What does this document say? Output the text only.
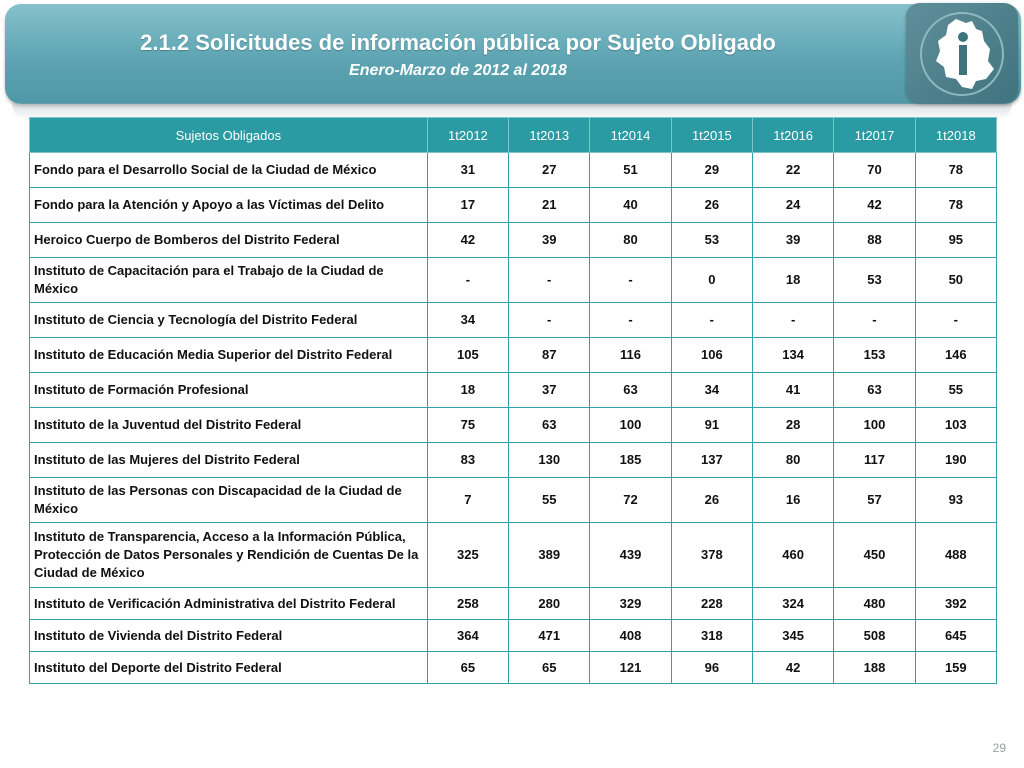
2.1.2 Solicitudes de información pública por Sujeto Obligado
Enero-Marzo de 2012 al 2018
Sujetos Obligados	1t2012	1t2013	1t2014	1t2015	1t2016	1t2017	1t2018
Fondo para el Desarrollo Social de la Ciudad de México	31	27	51	29	22	70	78
Fondo para la Atención y Apoyo a las Víctimas del Delito	17	21	40	26	24	42	78
Heroico Cuerpo de Bomberos del Distrito Federal	42	39	80	53	39	88	95
Instituto de Capacitación para el Trabajo de la Ciudad de México	-	-	-	0	18	53	50
Instituto de Ciencia y Tecnología del Distrito Federal	34	-	-	-	-	-	-
Instituto de Educación Media Superior del Distrito Federal	105	87	116	106	134	153	146
Instituto de Formación Profesional	18	37	63	34	41	63	55
Instituto de la Juventud del Distrito Federal	75	63	100	91	28	100	103
Instituto de las Mujeres del Distrito Federal	83	130	185	137	80	117	190
Instituto de las Personas con Discapacidad de la Ciudad de México	7	55	72	26	16	57	93
Instituto de Transparencia, Acceso a la Información Pública, Protección de Datos Personales y Rendición de Cuentas De la Ciudad de México	325	389	439	378	460	450	488
Instituto de Verificación Administrativa del Distrito Federal	258	280	329	228	324	480	392
Instituto de Vivienda del Distrito Federal	364	471	408	318	345	508	645
Instituto del Deporte del Distrito Federal	65	65	121	96	42	188	159
29
